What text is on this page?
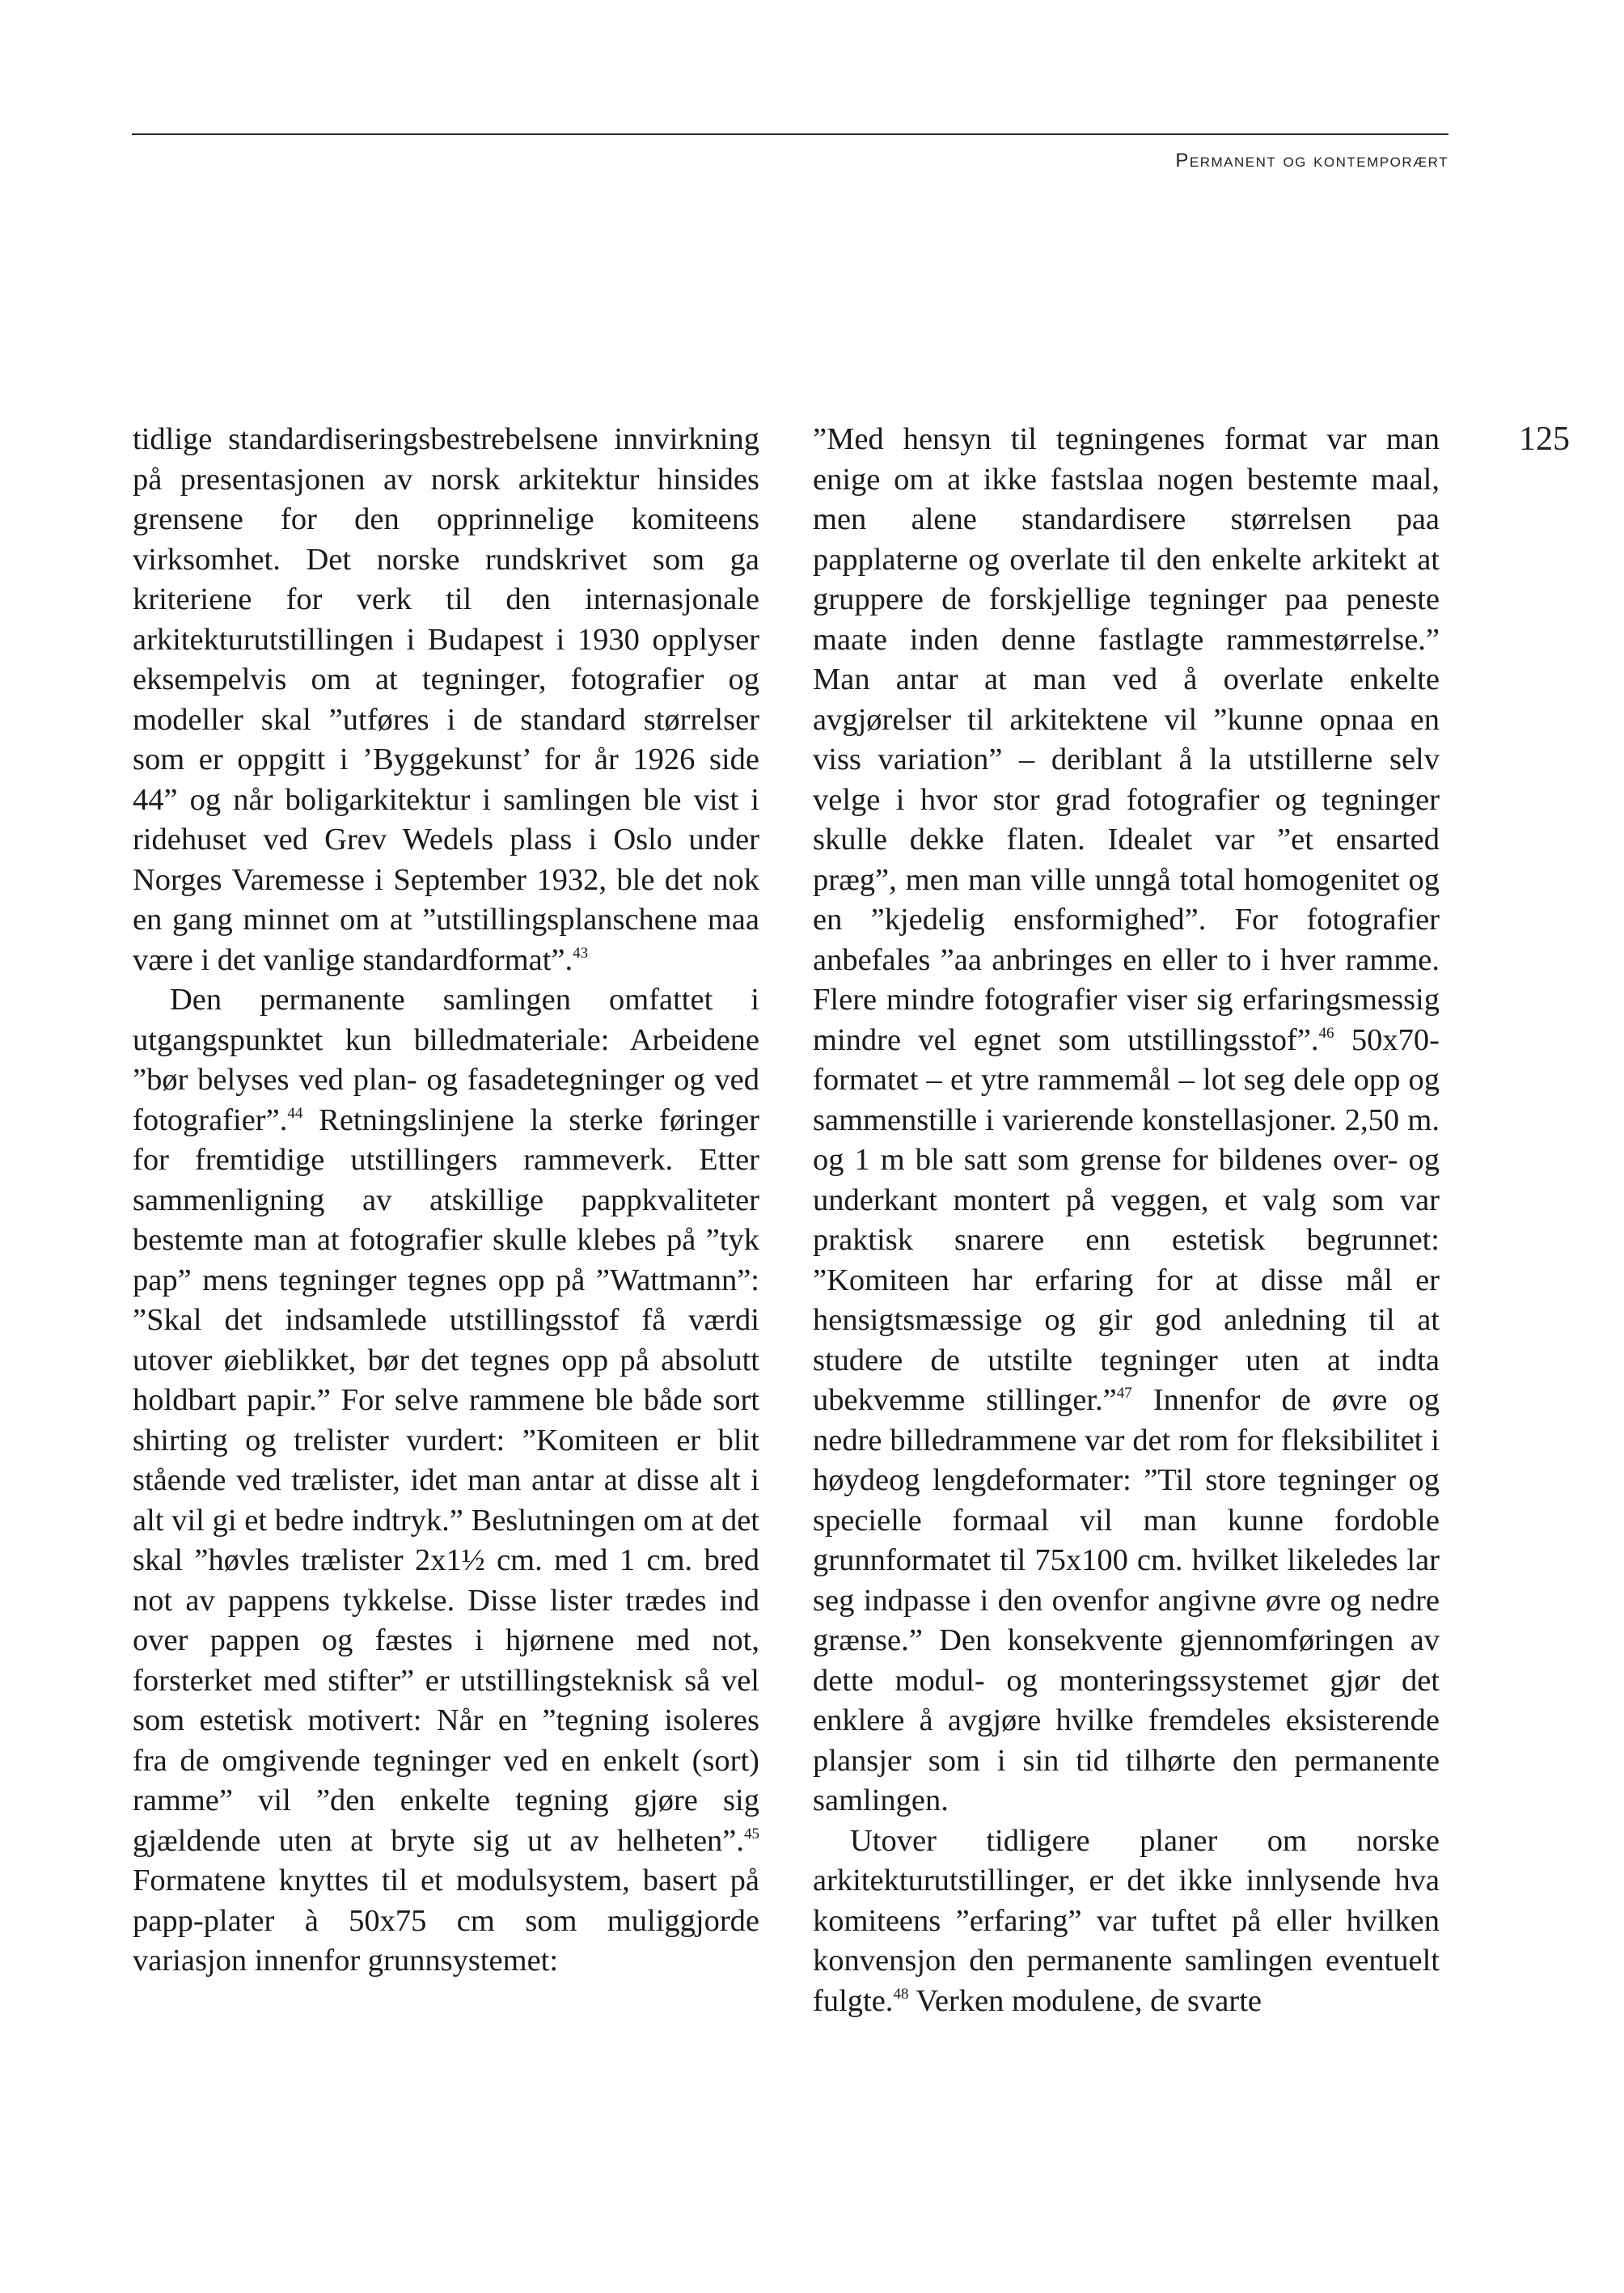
Permanent og kontemporært
125

tidlige standardiseringsbestrebelsene innvirkning på presentasjonen av norsk arkitektur hinsides grensene for den opprinnelige komiteens virksomhet. Det norske rundskrivet som ga kriteriene for verk til den internasjonale arkitekturutstillingen i Budapest i 1930 opplyser eksempelvis om at tegninger, fotografier og modeller skal ”utføres i de standard størrelser som er oppgitt i ’Byggekunst’ for år 1926 side 44” og når boligarkitektur i samlingen ble vist i ridehuset ved Grev Wedels plass i Oslo under Norges Varemesse i September 1932, ble det nok en gang minnet om at ”utstillingsplanschene maa være i det vanlige standardformat”.$^{43}$

Den permanente samlingen omfattet i utgangspunktet kun billedmateriale: Arbeidene ”bør belyses ved plan- og fasadetegninger og ved fotografier”.$^{44}$ Retningslinjene la sterke føringer for fremtidige utstillingers rammeverk. Etter sammenligning av atskillige pappkvaliteter bestemte man at fotografier skulle klebes på ”tyk pap” mens tegninger tegnes opp på ”Wattmann”: ”Skal det indsamlede utstillingsstof få værdi utover øieblikket, bør det tegnes opp på absolutt holdbart papir.” For selve rammene ble både sort shirting og trelister vurdert: ”Komiteen er blit stående ved trælister, idet man antar at disse alt i alt vil gi et bedre indtryk.” Beslutningen om at det skal ”høvles trælister 2x1½ cm. med 1 cm. bred not av pappens tykkelse. Disse lister trædes ind over pappen og fæstes i hjørnene med not, forsterket med stifter” er utstillingsteknisk så vel som estetisk motivert: Når en ”tegning isoleres fra de omgivende tegninger ved en enkelt (sort) ramme” vil ”den enkelte tegning gjøre sig gjældende uten at bryte sig ut av helheten”.$^{45}$ Formatene knyttes til et modulsystem, basert på papp-plater à 50x75 cm som muliggjorde variasjon innenfor grunnsystemet:

”Med hensyn til tegningenes format var man enige om at ikke fastslaa nogen bestemte maal, men alene standardisere størrelsen paa papplaterne og overlate til den enkelte arkitekt at gruppere de forskjellige tegninger paa peneste maate inden denne fastlagte rammestørrelse.” Man antar at man ved å overlate enkelte avgjørelser til arkitektene vil ”kunne opnaa en viss variation” – deriblant å la utstillerne selv velge i hvor stor grad fotografier og tegninger skulle dekke flaten. Idealet var ”et ensarted præg”, men man ville unngå total homogenitet og en ”kjedelig ensformighed”. For fotografier anbefales ”aa anbringes en eller to i hver ramme. Flere mindre fotografier viser sig erfaringsmessig mindre vel egnet som utstillingsstof”.$^{46}$ 50x70-formatet – et ytre rammemål – lot seg dele opp og sammenstille i varierende konstellasjoner. 2,50 m. og 1 m ble satt som grense for bildenes over- og underkant montert på veggen, et valg som var praktisk snarere enn estetisk begrunnet: ”Komiteen har erfaring for at disse mål er hensigtsmæssige og gir god anledning til at studere de utstilte tegninger uten at indta ubekvemme stillinger.”$^{47}$ Innenfor de øvre og nedre billedrammene var det rom for fleksibilitet i høydeog lengdeformater: ”Til store tegninger og specielle formaal vil man kunne fordoble grunnformatet til 75x100 cm. hvilket likeledes lar seg indpasse i den ovenfor angivne øvre og nedre grænse.” Den konsekvente gjennomføringen av dette modul- og monteringssystemet gjør det enklere å avgjøre hvilke fremdeles eksisterende plansjer som i sin tid tilhørte den permanente samlingen.

Utover tidligere planer om norske arkitekturutstillinger, er det ikke innlysende hva komiteens ”erfaring” var tuftet på eller hvilken konvensjon den permanente samlingen eventuelt fulgte.$^{48}$ Verken modulene, de svarte
